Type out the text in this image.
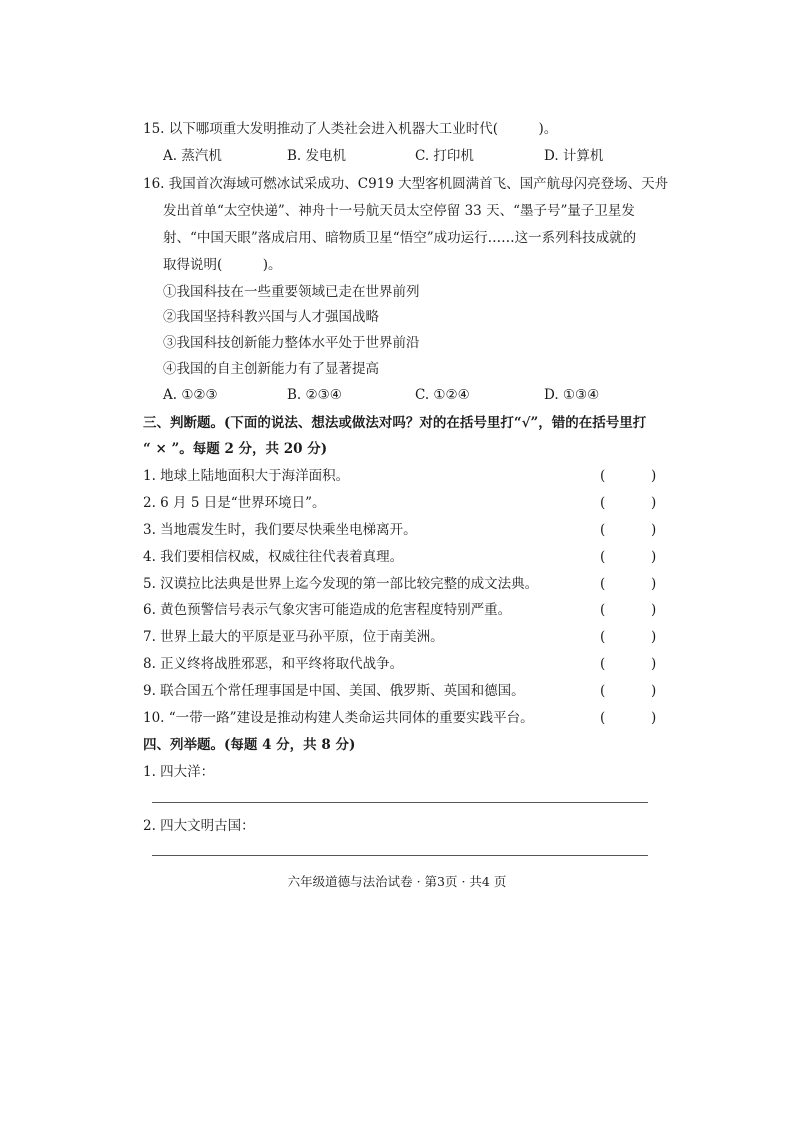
15. 以下哪项重大发明推动了人类社会进入机器大工业时代(　　　)。
A. 蒸汽机	B. 发电机	C. 打印机	D. 计算机
16. 我国首次海域可燃冰试采成功、C919 大型客机圆满首飞、国产航母闪亮登场、天舟
发出首单“太空快递”、神舟十一号航天员太空停留 33 天、“墨子号”量子卫星发
射、“中国天眼”落成启用、暗物质卫星“悟空”成功运行……这一系列科技成就的
取得说明(　　　)。
①我国科技在一些重要领域已走在世界前列
②我国坚持科教兴国与人才强国战略
③我国科技创新能力整体水平处于世界前沿
④我国的自主创新能力有了显著提高
A. ①②③	B. ②③④	C. ①②④	D. ①③④
三、判断题。(下面的说法、想法或做法对吗？对的在括号里打“√”，错的在括号里打
“ × ”。每题 2 分，共 20 分)
1. 地球上陆地面积大于海洋面积。	(	)
2. 6 月 5 日是“世界环境日”。	(	)
3. 当地震发生时，我们要尽快乘坐电梯离开。	(	)
4. 我们要相信权威，权威往往代表着真理。	(	)
5. 汉谟拉比法典是世界上迄今发现的第一部比较完整的成文法典。	(	)
6. 黄色预警信号表示气象灾害可能造成的危害程度特别严重。	(	)
7. 世界上最大的平原是亚马孙平原，位于南美洲。	(	)
8. 正义终将战胜邪恶，和平终将取代战争。	(	)
9. 联合国五个常任理事国是中国、美国、俄罗斯、英国和德国。	(	)
10. “一带一路”建设是推动构建人类命运共同体的重要实践平台。	(	)
四、列举题。(每题 4 分，共 8 分)
1. 四大洋：
2. 四大文明古国：
六年级道德与法治试卷 · 第3页 · 共4 页
